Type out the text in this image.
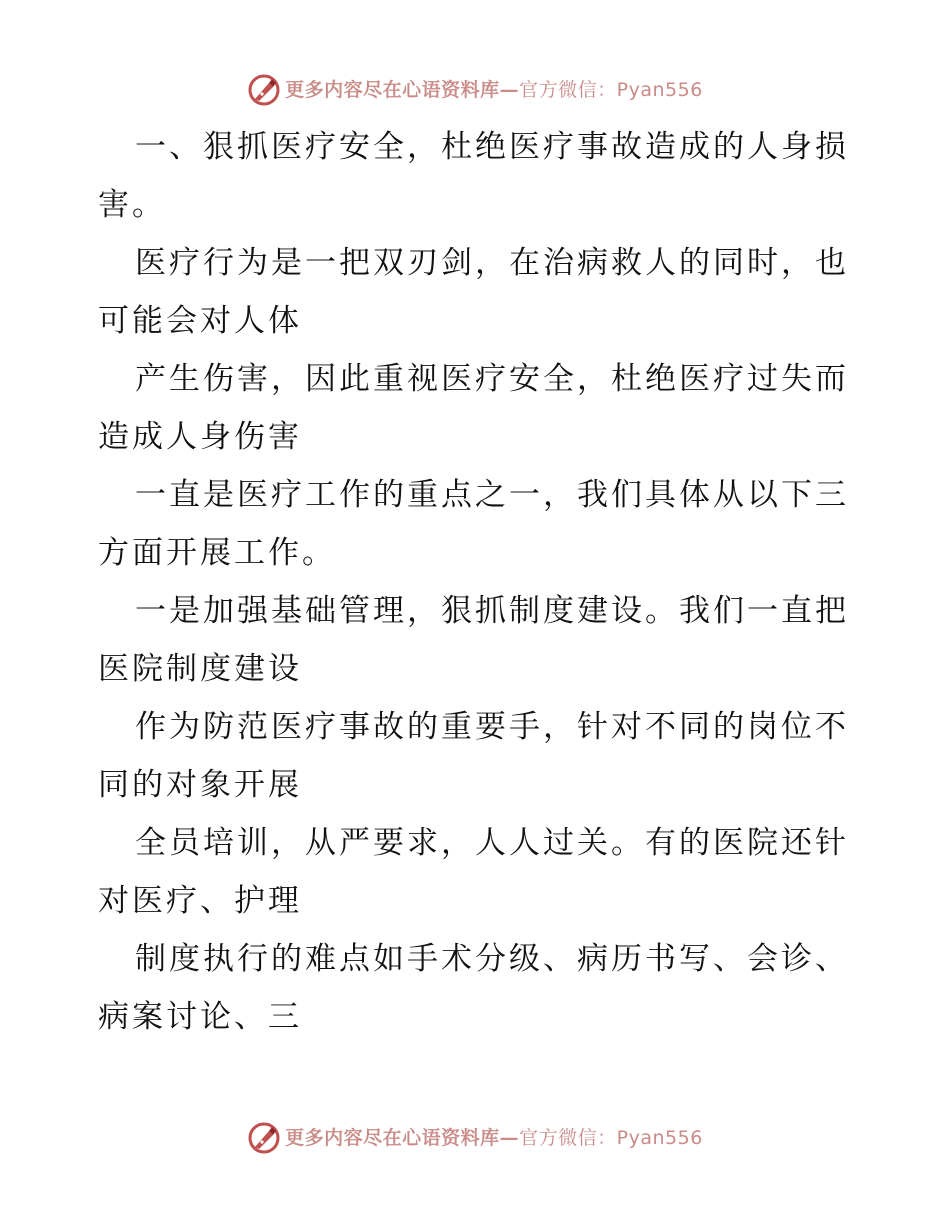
更多内容尽在心语资料库— 官方微信：Pyan556

一、狠抓医疗安全，杜绝医疗事故造成的人身损害。

医疗行为是一把双刃剑，在治病救人的同时，也可能会对人体

产生伤害，因此重视医疗安全，杜绝医疗过失而造成人身伤害

一直是医疗工作的重点之一，我们具体从以下三方面开展工作。

一是加强基础管理，狠抓制度建设。我们一直把医院制度建设

作为防范医疗事故的重要手，针对不同的岗位不同的对象开展

全员培训，从严要求，人人过关。有的医院还针对医疗、护理

制度执行的难点如手术分级、病历书写、会诊、病案讨论、三

更多内容尽在心语资料库— 官方微信：Pyan556
